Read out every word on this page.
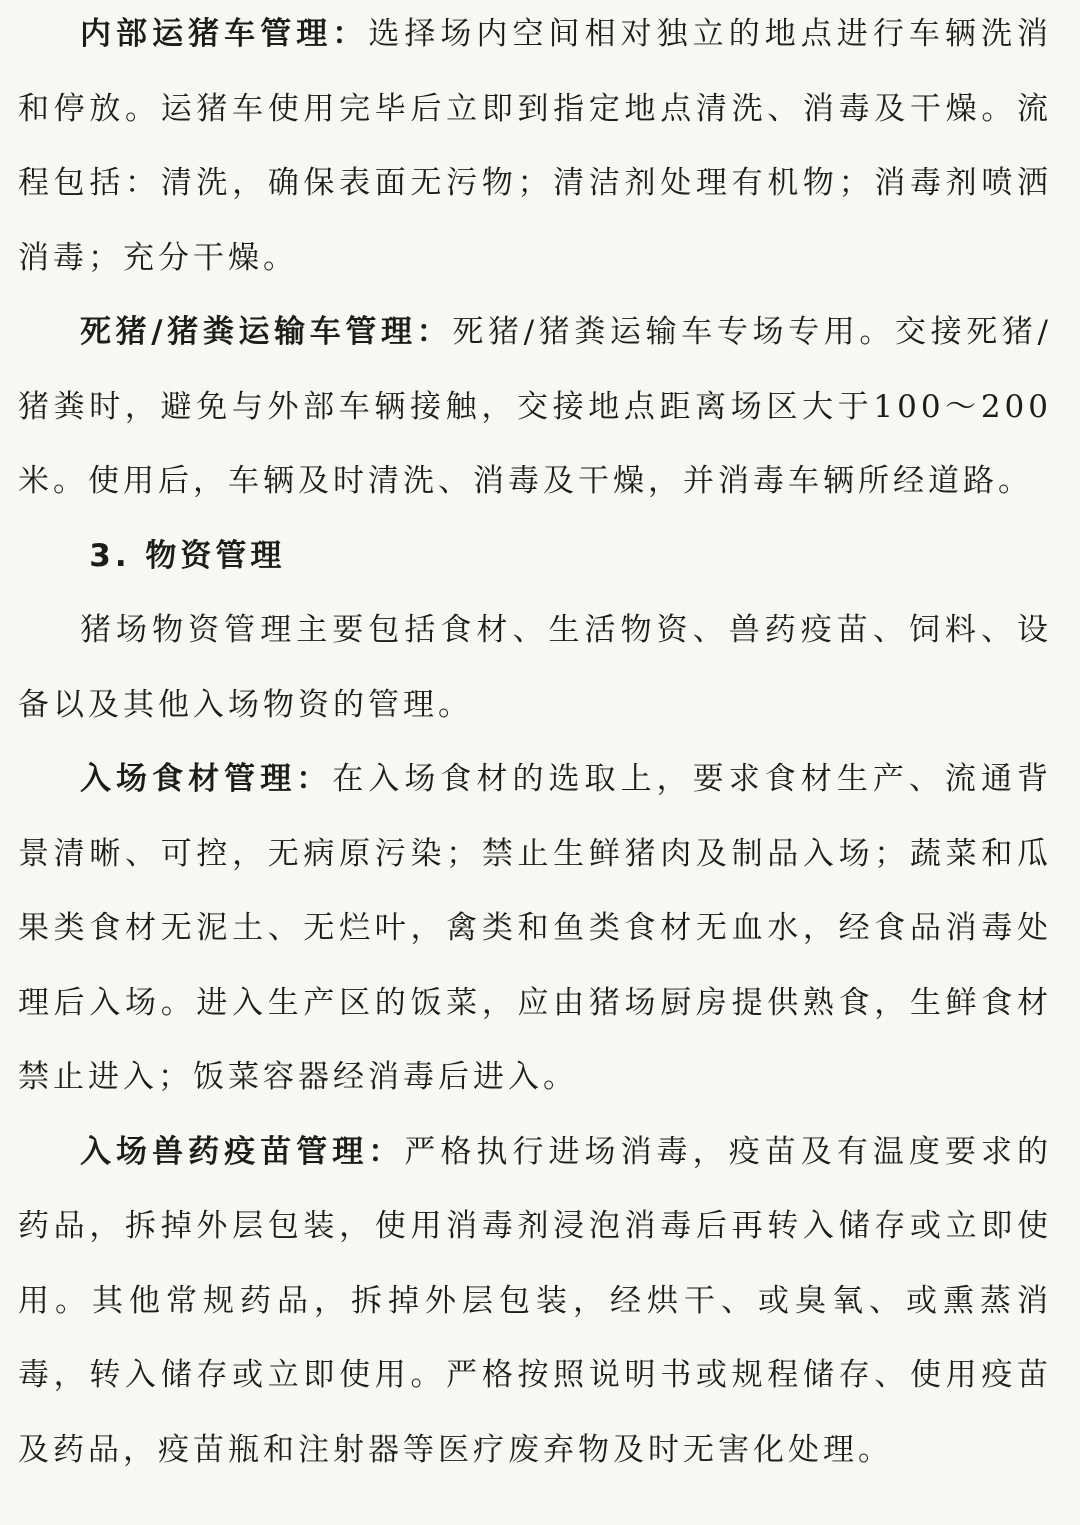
内部运猪车管理：选择场内空间相对独立的地点进行车辆洗消和停放。运猪车使用完毕后立即到指定地点清洗、消毒及干燥。流程包括：清洗，确保表面无污物；清洁剂处理有机物；消毒剂喷洒消毒；充分干燥。

死猪/猪粪运输车管理：死猪/猪粪运输车专场专用。交接死猪/猪粪时，避免与外部车辆接触，交接地点距离场区大于100～200米。使用后，车辆及时清洗、消毒及干燥，并消毒车辆所经道路。

3. 物资管理

猪场物资管理主要包括食材、生活物资、兽药疫苗、饲料、设备以及其他入场物资的管理。

入场食材管理：在入场食材的选取上，要求食材生产、流通背景清晰、可控，无病原污染；禁止生鲜猪肉及制品入场；蔬菜和瓜果类食材无泥土、无烂叶，禽类和鱼类食材无血水，经食品消毒处理后入场。进入生产区的饭菜，应由猪场厨房提供熟食，生鲜食材禁止进入；饭菜容器经消毒后进入。

入场兽药疫苗管理：严格执行进场消毒，疫苗及有温度要求的药品，拆掉外层包装，使用消毒剂浸泡消毒后再转入储存或立即使用。其他常规药品，拆掉外层包装，经烘干、或臭氧、或熏蒸消毒，转入储存或立即使用。严格按照说明书或规程储存、使用疫苗及药品，疫苗瓶和注射器等医疗废弃物及时无害化处理。
